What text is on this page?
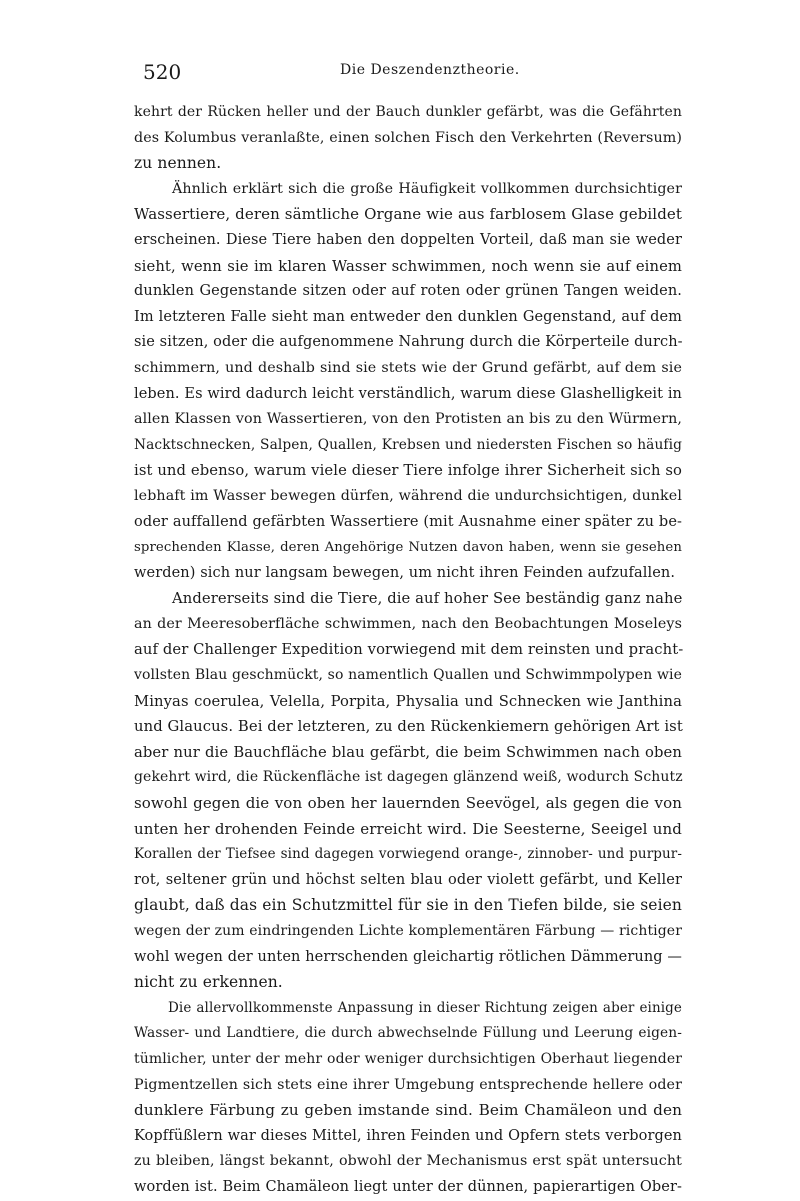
520	Die Deszendenztheorie.
kehrt der Rücken heller und der Bauch dunkler gefärbt, was die Gefährten
des Kolumbus veranlaßte, einen solchen Fisch den Verkehrten (Reversum)
zu nennen.
Ähnlich erklärt sich die große Häufigkeit vollkommen durchsichtiger
Wassertiere, deren sämtliche Organe wie aus farblosem Glase gebildet
erscheinen. Diese Tiere haben den doppelten Vorteil, daß man sie weder
sieht, wenn sie im klaren Wasser schwimmen, noch wenn sie auf einem
dunklen Gegenstande sitzen oder auf roten oder grünen Tangen weiden.
Im letzteren Falle sieht man entweder den dunklen Gegenstand, auf dem
sie sitzen, oder die aufgenommene Nahrung durch die Körperteile durch-
schimmern, und deshalb sind sie stets wie der Grund gefärbt, auf dem sie
leben. Es wird dadurch leicht verständlich, warum diese Glashelligkeit in
allen Klassen von Wassertieren, von den Protisten an bis zu den Würmern,
Nacktschnecken, Salpen, Quallen, Krebsen und niedersten Fischen so häufig
ist und ebenso, warum viele dieser Tiere infolge ihrer Sicherheit sich so
lebhaft im Wasser bewegen dürfen, während die undurchsichtigen, dunkel
oder auffallend gefärbten Wassertiere (mit Ausnahme einer später zu be-
sprechenden Klasse, deren Angehörige Nutzen davon haben, wenn sie gesehen
werden) sich nur langsam bewegen, um nicht ihren Feinden aufzufallen.
Andererseits sind die Tiere, die auf hoher See beständig ganz nahe
an der Meeresoberfläche schwimmen, nach den Beobachtungen Moseleys
auf der Challenger Expedition vorwiegend mit dem reinsten und pracht-
vollsten Blau geschmückt, so namentlich Quallen und Schwimmpolypen wie
Minyas coerulea, Velella, Porpita, Physalia und Schnecken wie Janthina
und Glaucus. Bei der letzteren, zu den Rückenkiemern gehörigen Art ist
aber nur die Bauchfläche blau gefärbt, die beim Schwimmen nach oben
gekehrt wird, die Rückenfläche ist dagegen glänzend weiß, wodurch Schutz
sowohl gegen die von oben her lauernden Seevögel, als gegen die von
unten her drohenden Feinde erreicht wird. Die Seesterne, Seeigel und
Korallen der Tiefsee sind dagegen vorwiegend orange-, zinnober- und purpur-
rot, seltener grün und höchst selten blau oder violett gefärbt, und Keller
glaubt, daß das ein Schutzmittel für sie in den Tiefen bilde, sie seien
wegen der zum eindringenden Lichte komplementären Färbung — richtiger
wohl wegen der unten herrschenden gleichartig rötlichen Dämmerung —
nicht zu erkennen.
Die allervollkommenste Anpassung in dieser Richtung zeigen aber einige
Wasser- und Landtiere, die durch abwechselnde Füllung und Leerung eigen-
tümlicher, unter der mehr oder weniger durchsichtigen Oberhaut liegender
Pigmentzellen sich stets eine ihrer Umgebung entsprechende hellere oder
dunklere Färbung zu geben imstande sind. Beim Chamäleon und den
Kopffüßlern war dieses Mittel, ihren Feinden und Opfern stets verborgen
zu bleiben, längst bekannt, obwohl der Mechanismus erst spät untersucht
worden ist. Beim Chamäleon liegt unter der dünnen, papierartigen Ober-
